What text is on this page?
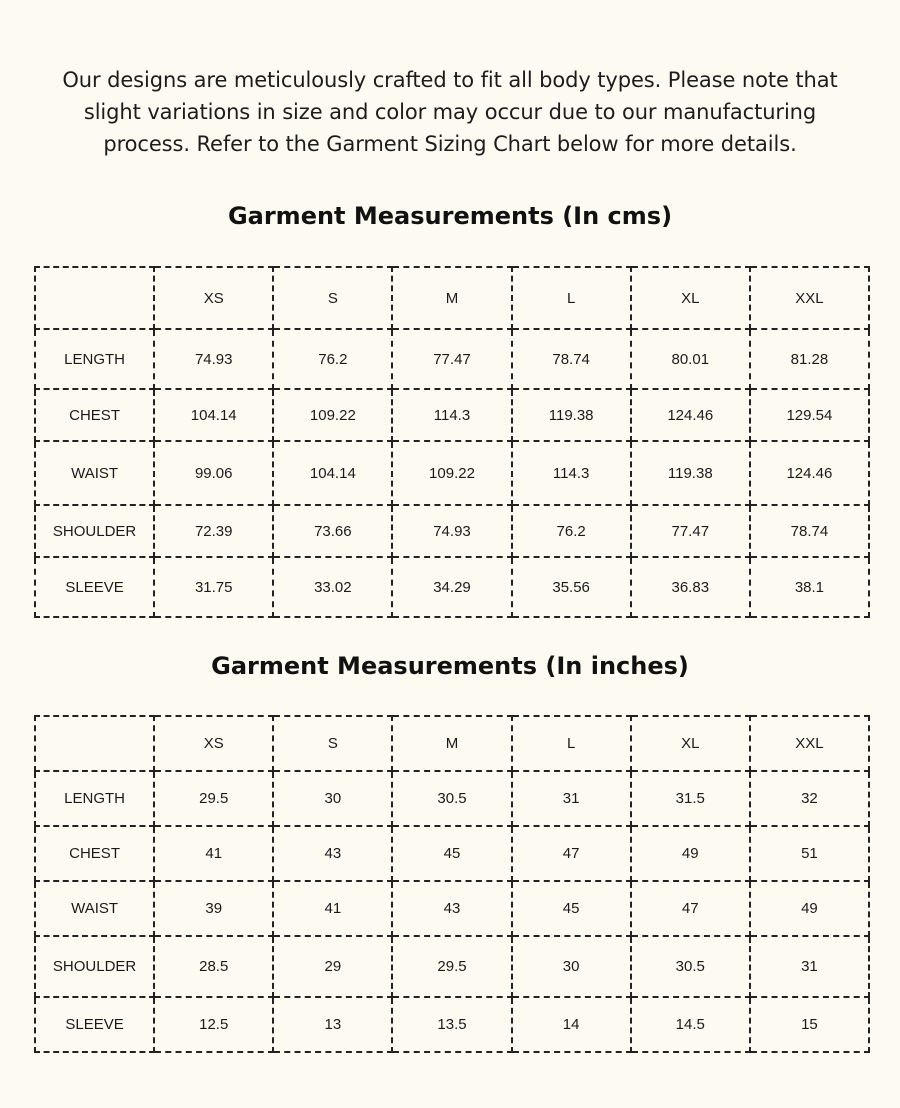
Our designs are meticulously crafted to fit all body types. Please note that slight variations in size and color may occur due to our manufacturing process. Refer to the Garment Sizing Chart below for more details.

Garment Measurements (In cms)
	XS	S	M	L	XL	XXL
LENGTH	74.93	76.2	77.47	78.74	80.01	81.28
CHEST	104.14	109.22	114.3	119.38	124.46	129.54
WAIST	99.06	104.14	109.22	114.3	119.38	124.46
SHOULDER	72.39	73.66	74.93	76.2	77.47	78.74
SLEEVE	31.75	33.02	34.29	35.56	36.83	38.1
Garment Measurements (In inches)
	XS	S	M	L	XL	XXL
LENGTH	29.5	30	30.5	31	31.5	32
CHEST	41	43	45	47	49	51
WAIST	39	41	43	45	47	49
SHOULDER	28.5	29	29.5	30	30.5	31
SLEEVE	12.5	13	13.5	14	14.5	15
